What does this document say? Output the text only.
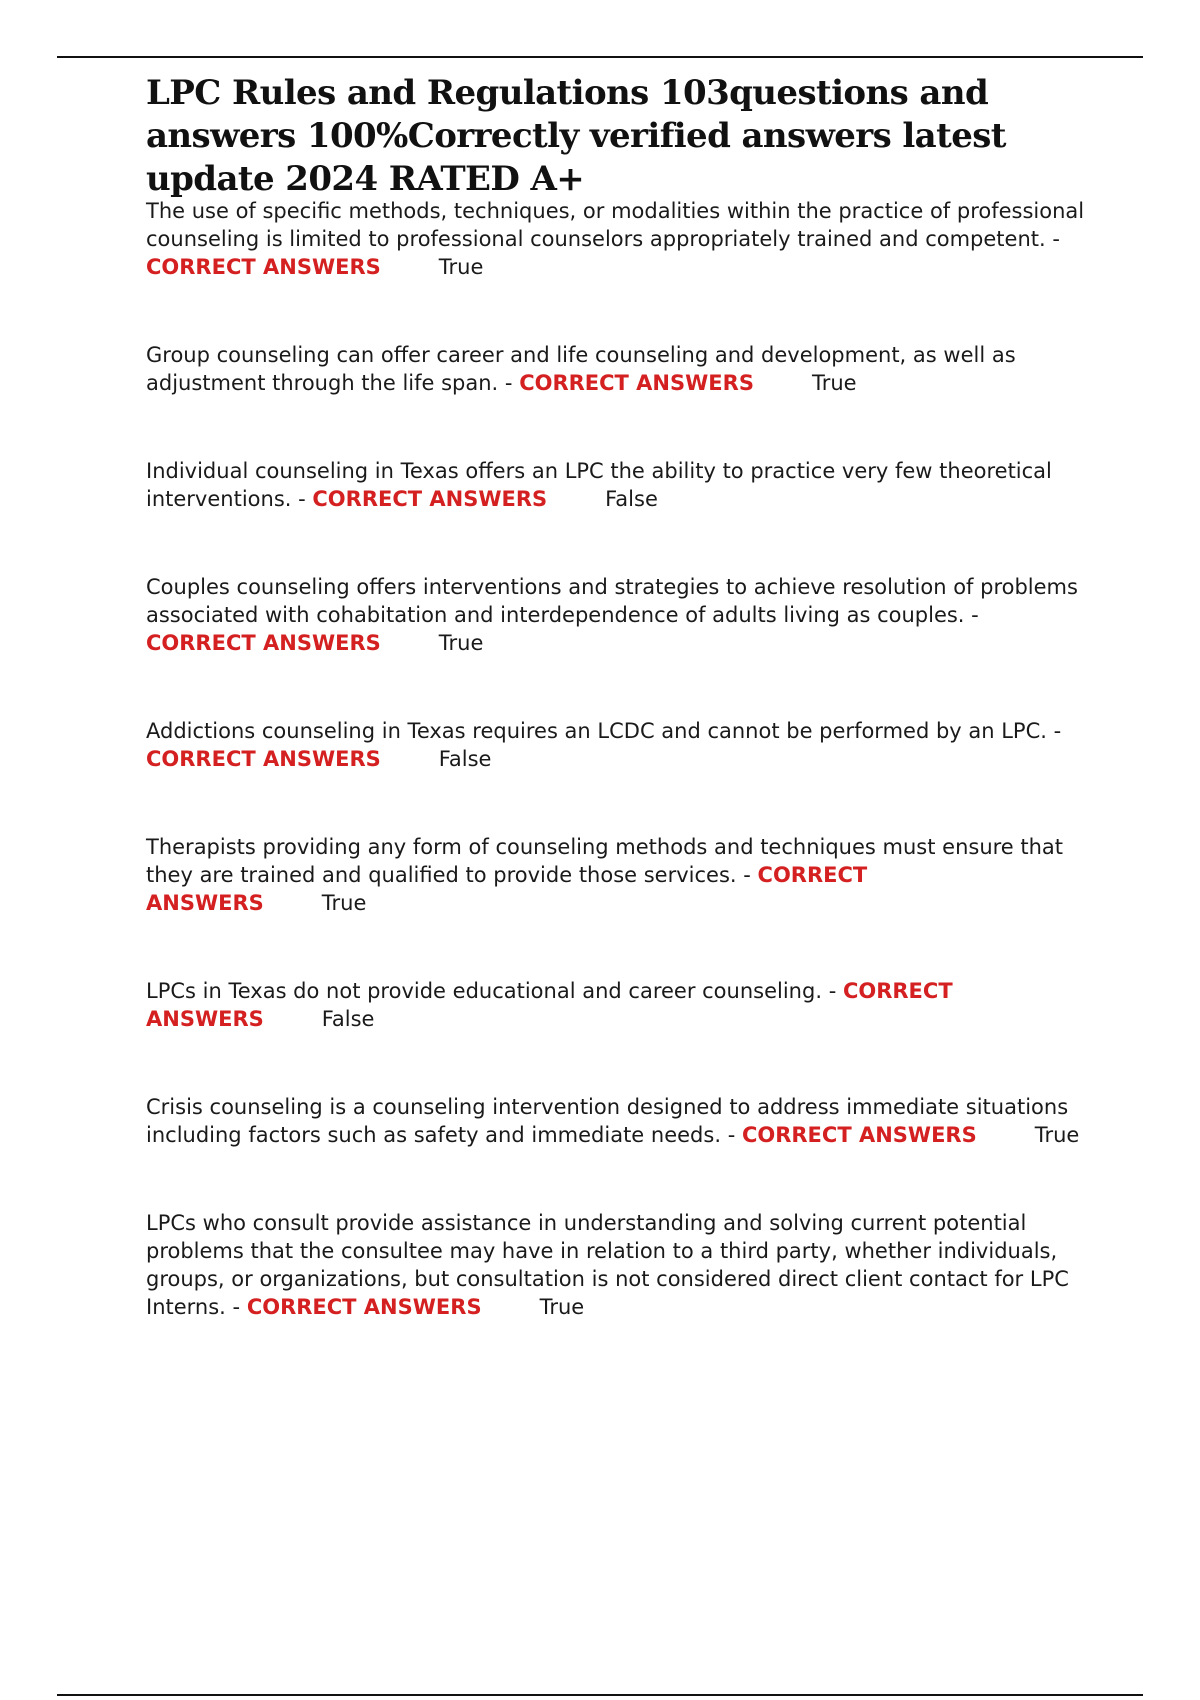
LPC Rules and Regulations 103questions and answers 100%Correctly verified answers latest update 2024 RATED A+

The use of specific methods, techniques, or modalities within the practice of professional counseling is limited to professional counselors appropriately trained and competent. - CORRECT ANSWERS	True

Group counseling can offer career and life counseling and development, as well as adjustment through the life span. - CORRECT ANSWERS	True

Individual counseling in Texas offers an LPC the ability to practice very few theoretical interventions. - CORRECT ANSWERS	False

Couples counseling offers interventions and strategies to achieve resolution of problems associated with cohabitation and interdependence of adults living as couples. - CORRECT ANSWERS	True

Addictions counseling in Texas requires an LCDC and cannot be performed by an LPC. - CORRECT ANSWERS	False

Therapists providing any form of counseling methods and techniques must ensure that they are trained and qualified to provide those services. - CORRECT ANSWERS	True

LPCs in Texas do not provide educational and career counseling. - CORRECT ANSWERS	False

Crisis counseling is a counseling intervention designed to address immediate situations including factors such as safety and immediate needs. - CORRECT ANSWERS	True

LPCs who consult provide assistance in understanding and solving current potential problems that the consultee may have in relation to a third party, whether individuals, groups, or organizations, but consultation is not considered direct client contact for LPC Interns. - CORRECT ANSWERS	True
